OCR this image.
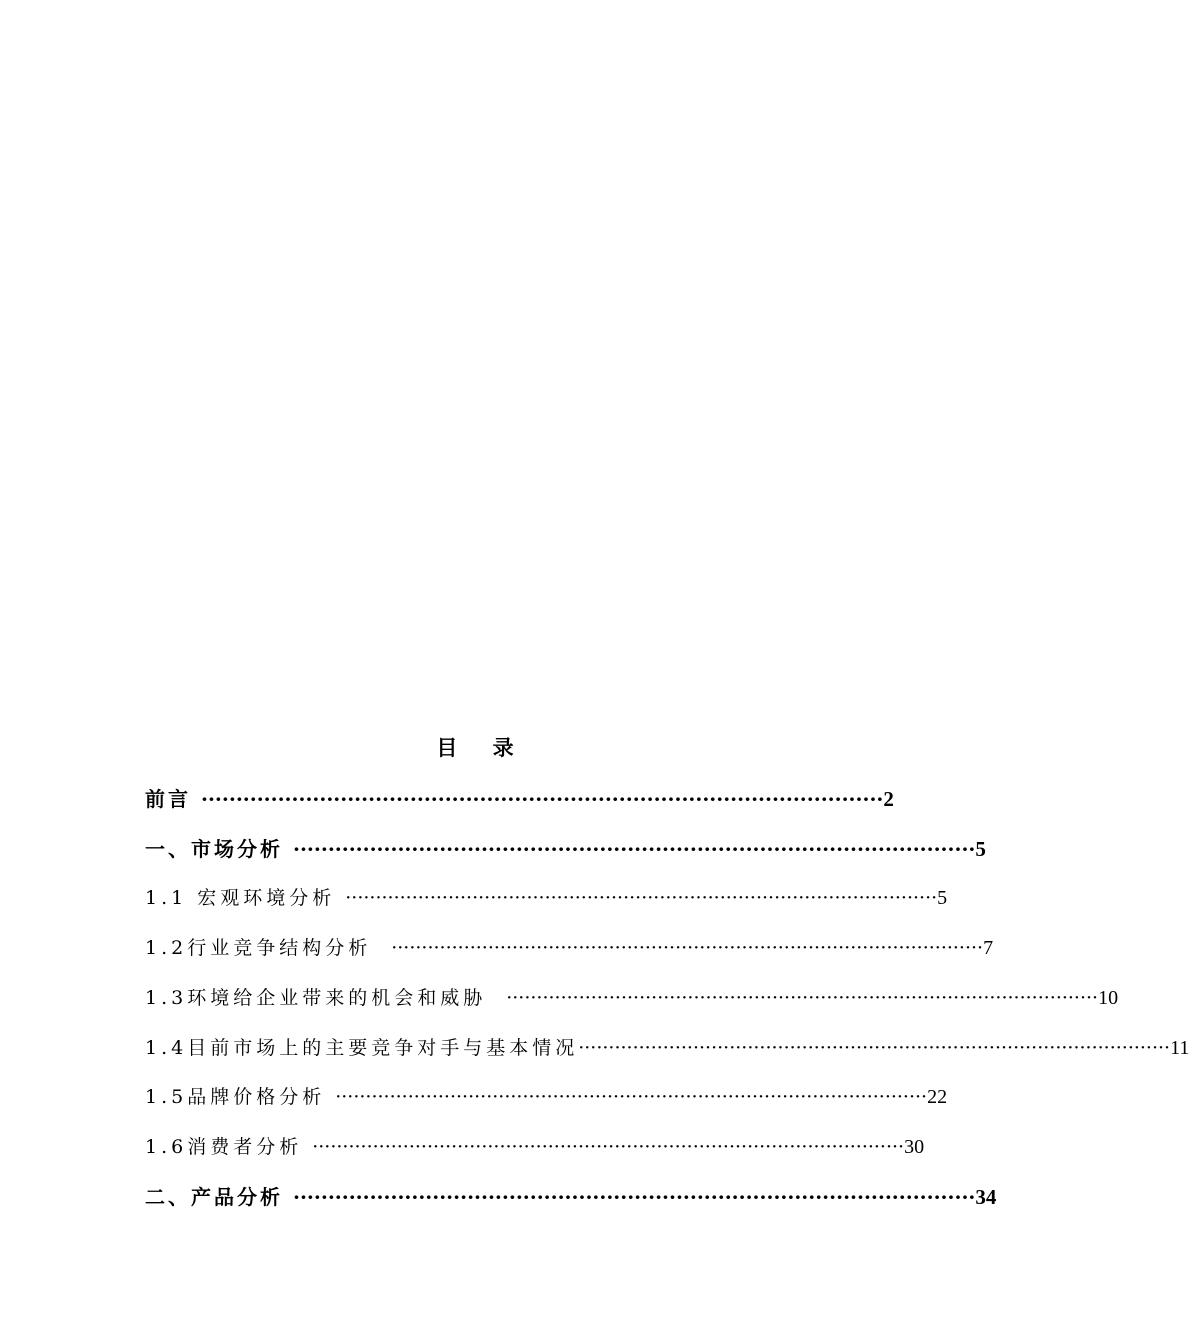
目 录
前言 ·································································································· 2
一、市场分析 ·································································································· 5
1.1 宏观环境分析 ·································································································· 5
1.2行业竞争结构分析	·································································································· 7
1.3环境给企业带来的机会和威胁	·································································································· 10
1.4目前市场上的主要竞争对手与基本情况 ·································································································· 11
1.5品牌价格分析 ·································································································· 22
1.6消费者分析 ·································································································· 30
二、产品分析 ·································································································· 34
